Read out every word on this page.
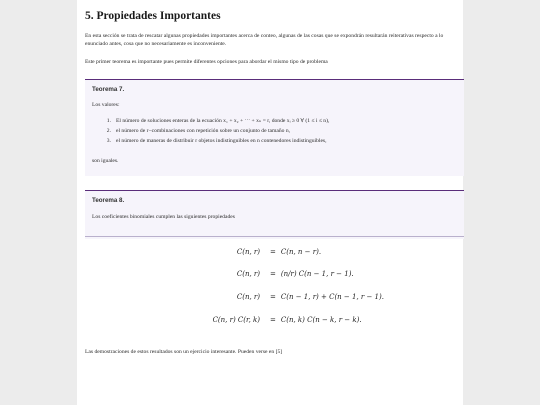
5. Propiedades Importantes
En esta sección se trata de rescatar algunas propiedades importantes acerca de conteo, algunas de las cosas que se expondrán resultarán reiterativas respecto a lo enunciado antes, cosa que no necesariamente es inconveniente.
Este primer teorema es importante pues permite diferentes opciones para abordar el mismo tipo de problema
Teorema 7.
Los valores:
1. El número de soluciones enteras de la ecuación x₁ + x₂ + ⋯ + xₙ = r, donde xᵢ ≥ 0 ∀ (1 ≤ i ≤ n),
2. el número de r−combinaciones con repetición sobre un conjunto de tamaño n,
3. el número de maneras de distribuir r objetos indistinguibles en n contenedores indistinguibles,
son iguales.
Teorema 8.
Los coeficientes binomiales cumplen las siguientes propiedades
C(n, r)	= C(n, n − r).
C(n, r)	= (n/r) C(n − 1, r − 1).
C(n, r)	= C(n − 1, r) + C(n − 1, r − 1).
C(n, r) C(r, k)	= C(n, k) C(n − k, r − k).
Las demostraciones de estos resultados son un ejercicio interesante. Pueden verse en [5]
